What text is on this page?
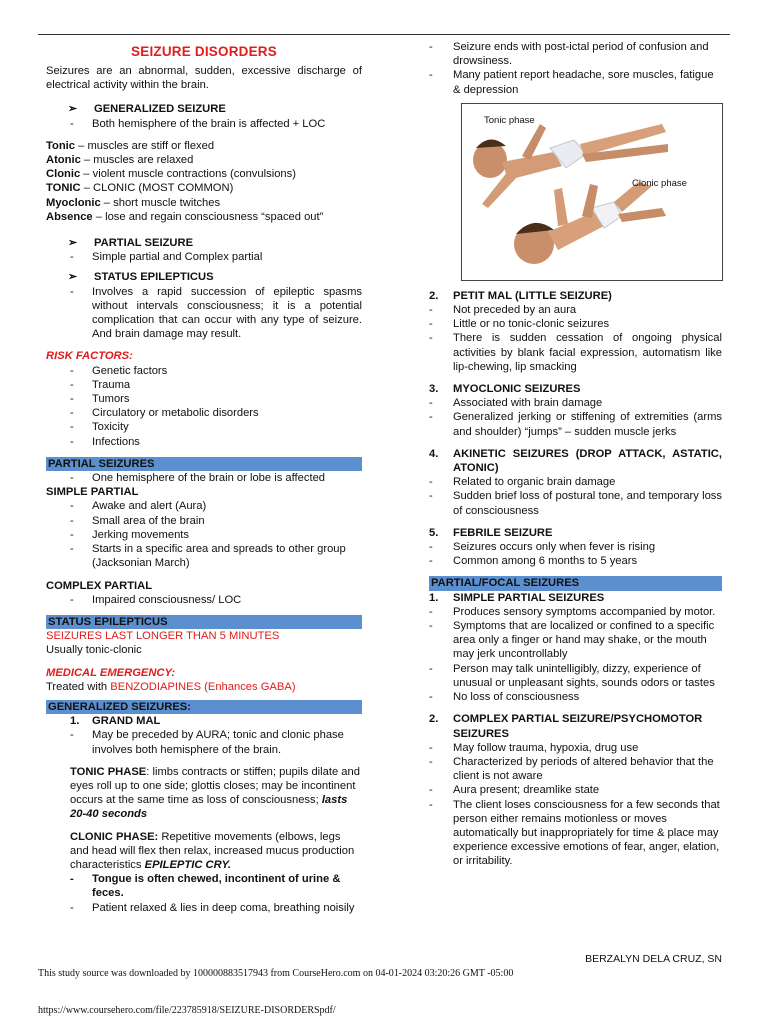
SEIZURE DISORDERS

Seizures are an abnormal, sudden, excessive discharge of electrical activity within the brain.

➢ GENERALIZED SEIZURE
- Both hemisphere of the brain is affected + LOC

Tonic – muscles are stiff or flexed

Atonic – muscles are relaxed

Clonic – violent muscle contractions (convulsions)

TONIC – CLONIC (MOST COMMON)

Myoclonic – short muscle twitches

Absence – lose and regain consciousness “spaced out”

➢ PARTIAL SEIZURE
- Simple partial and Complex partial
➢ STATUS EPILEPTICUS
- Involves a rapid succession of epileptic spasms without intervals consciousness; it is a potential complication that can occur with any type of seizure. And brain damage may result.

RISK FACTORS:

- Genetic factors
- Trauma
- Tumors
- Circulatory or metabolic disorders
- Toxicity
- Infections

PARTIAL SEIZURES

- One hemisphere of the brain or lobe is affected

SIMPLE PARTIAL

- Awake and alert (Aura)
- Small area of the brain
- Jerking movements
- Starts in a specific area and spreads to other group (Jacksonian March)

COMPLEX PARTIAL

- Impaired consciousness/ LOC

STATUS EPILEPTICUS

SEIZURES LAST LONGER THAN 5 MINUTES

Usually tonic-clonic

MEDICAL EMERGENCY:

Treated with BENZODIAPINES (Enhances GABA)

GENERALIZED SEIZURES:

1. GRAND MAL
- May be preceded by AURA; tonic and clonic phase involves both hemisphere of the brain.

TONIC PHASE: limbs contracts or stiffen; pupils dilate and eyes roll up to one side; glottis closes; may be incontinent occurs at the same time as loss of consciousness; lasts 20-40 seconds

CLONIC PHASE: Repetitive movements (elbows, legs and head will flex then relax, increased mucus production characteristics EPILEPTIC CRY.

- Tongue is often chewed, incontinent of urine & feces.
- Patient relaxed & lies in deep coma, breathing noisily
- Seizure ends with post-ictal period of confusion and drowsiness.
- Many patient report headache, sore muscles, fatigue & depression
Tonic phase
Clonic phase
2. PETIT MAL (LITTLE SEIZURE)
- Not preceded by an aura
- Little or no tonic-clonic seizures
- There is sudden cessation of ongoing physical activities by blank facial expression, automatism like lip-chewing, lip smacking
3. MYOCLONIC SEIZURES
- Associated with brain damage
- Generalized jerking or stiffening of extremities (arms and shoulder) “jumps” – sudden muscle jerks
4. AKINETIC SEIZURES (DROP ATTACK, ASTATIC, ATONIC)
- Related to organic brain damage
- Sudden brief loss of postural tone, and temporary loss of consciousness
5. FEBRILE SEIZURE
- Seizures occurs only when fever is rising
- Common among 6 months to 5 years

PARTIAL/FOCAL SEIZURES

1. SIMPLE PARTIAL SEIZURES
- Produces sensory symptoms accompanied by motor.
- Symptoms that are localized or confined to a specific area only a finger or hand may shake, or the mouth may jerk uncontrollably
- Person may talk unintelligibly, dizzy, experience of unusual or unpleasant sights, sounds odors or tastes
- No loss of consciousness
2. COMPLEX PARTIAL SEIZURE/PSYCHOMOTOR SEIZURES
- May follow trauma, hypoxia, drug use
- Characterized by periods of altered behavior that the client is not aware
- Aura present; dreamlike state
- The client loses consciousness for a few seconds that person either remains motionless or moves automatically but inappropriately for time & place may experience excessive emotions of fear, anger, elation, or irritability.
BERZALYN DELA CRUZ, SN
This study source was downloaded by 100000883517943 from CourseHero.com on 04-01-2024 03:20:26 GMT -05:00
https://www.coursehero.com/file/223785918/SEIZURE-DISORDERSpdf/
